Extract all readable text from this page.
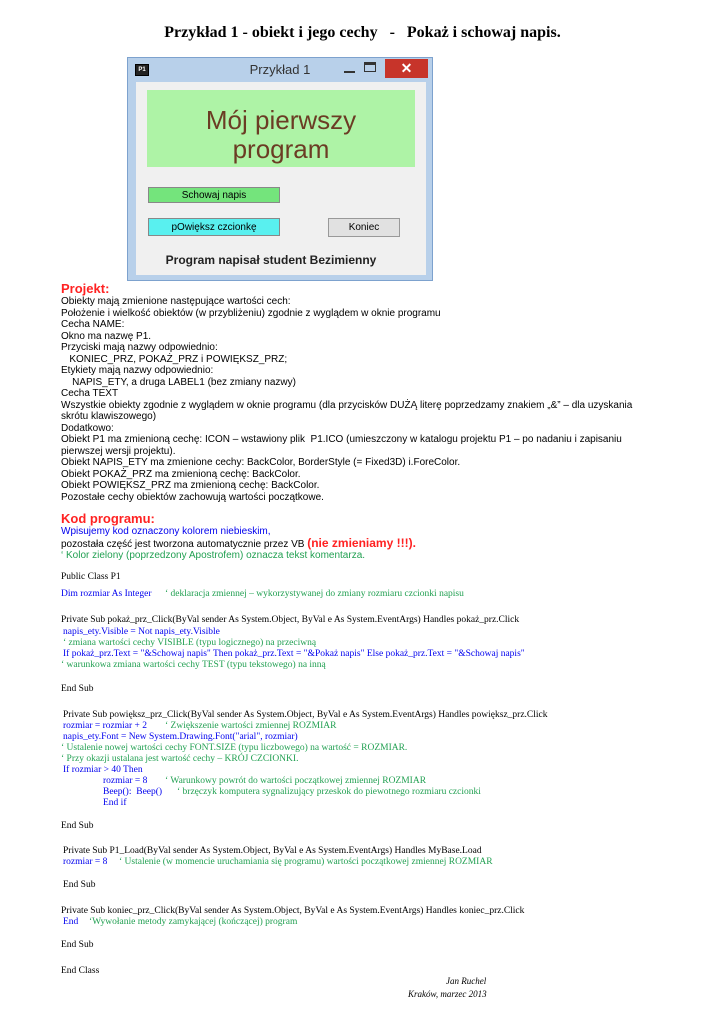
Przykład 1 - obiekt i jego cechy   -   Pokaż i schowaj napis.
P1	Przykład 1	✕
Mój pierwszy
program
Schowaj napis
pOwiększ czcionkę	Koniec
Program napisał student Bezimienny
Projekt:
Obiekty mają zmienione następujące wartości cech:
Położenie i wielkość obiektów (w przybliżeniu) zgodnie z wyglądem w oknie programu
Cecha NAME:
Okno ma nazwę P1.
Przyciski mają nazwy odpowiednio:
KONIEC_PRZ, POKAŻ_PRZ i POWIĘKSZ_PRZ;
Etykiety mają nazwy odpowiednio:
NAPIS_ETY, a druga LABEL1 (bez zmiany nazwy)
Cecha TEXT
Wszystkie obiekty zgodnie z wyglądem w oknie programu (dla przycisków DUŻĄ literę poprzedzamy znakiem „&” – dla uzyskania skrótu klawiszowego)
Dodatkowo:
Obiekt P1 ma zmienioną cechę: ICON – wstawiony plik  P1.ICO (umieszczony w katalogu projektu P1 – po nadaniu i zapisaniu pierwszej wersji projektu).
Obiekt NAPIS_ETY ma zmienione cechy: BackColor, BorderStyle (= Fixed3D) i.ForeColor.
Obiekt POKAŻ_PRZ ma zmienioną cechę: BackColor.
Obiekt POWIĘKSZ_PRZ ma zmienioną cechę: BackColor.
Pozostałe cechy obiektów zachowują wartości początkowe.
Kod programu:
Wpisujemy kod oznaczony kolorem niebieskim,
pozostała część jest tworzona automatycznie przez VB (nie zmieniamy !!!).
‘ Kolor zielony (poprzedzony Apostrofem) oznacza tekst komentarza.
Public Class P1
Dim rozmiar As Integer ‘ deklaracja zmiennej – wykorzystywanej do zmiany rozmiaru czcionki napisu
Private Sub pokaż_prz_Click(ByVal sender As System.Object, ByVal e As System.EventArgs) Handles pokaż_prz.Click
napis_ety.Visible = Not napis_ety.Visible
‘ zmiana wartości cechy VISIBLE (typu logicznego) na przeciwną
If pokaż_prz.Text = "&Schowaj napis" Then pokaż_prz.Text = "&Pokaż napis" Else pokaż_prz.Text = "&Schowaj napis"
‘ warunkowa zmiana wartości cechy TEST (typu tekstowego) na inną
End Sub
Private Sub powiększ_prz_Click(ByVal sender As System.Object, ByVal e As System.EventArgs) Handles powiększ_prz.Click
rozmiar = rozmiar + 2 ‘ Zwiększenie wartości zmiennej ROZMIAR
napis_ety.Font = New System.Drawing.Font("arial", rozmiar)
‘ Ustalenie nowej wartości cechy FONT.SIZE (typu liczbowego) na wartość = ROZMIAR.
‘ Przy okazji ustalana jest wartość cechy – KRÓJ CZCIONKI.
If rozmiar > 40 Then
rozmiar = 8 ‘ Warunkowy powrót do wartości początkowej zmiennej ROZMIAR
Beep():  Beep() ‘ brzęczyk komputera sygnalizujący przeskok do piewotnego rozmiaru czcionki
End if
End Sub
Private Sub P1_Load(ByVal sender As System.Object, ByVal e As System.EventArgs) Handles MyBase.Load
rozmiar = 8 ‘ Ustalenie (w momencie uruchamiania się programu) wartości początkowej zmiennej ROZMIAR
End Sub
Private Sub koniec_prz_Click(ByVal sender As System.Object, ByVal e As System.EventArgs) Handles koniec_prz.Click
End ‘Wywołanie metody zamykającej (kończącej) program
End Sub
End Class
Jan Ruchel
Kraków, marzec 2013
